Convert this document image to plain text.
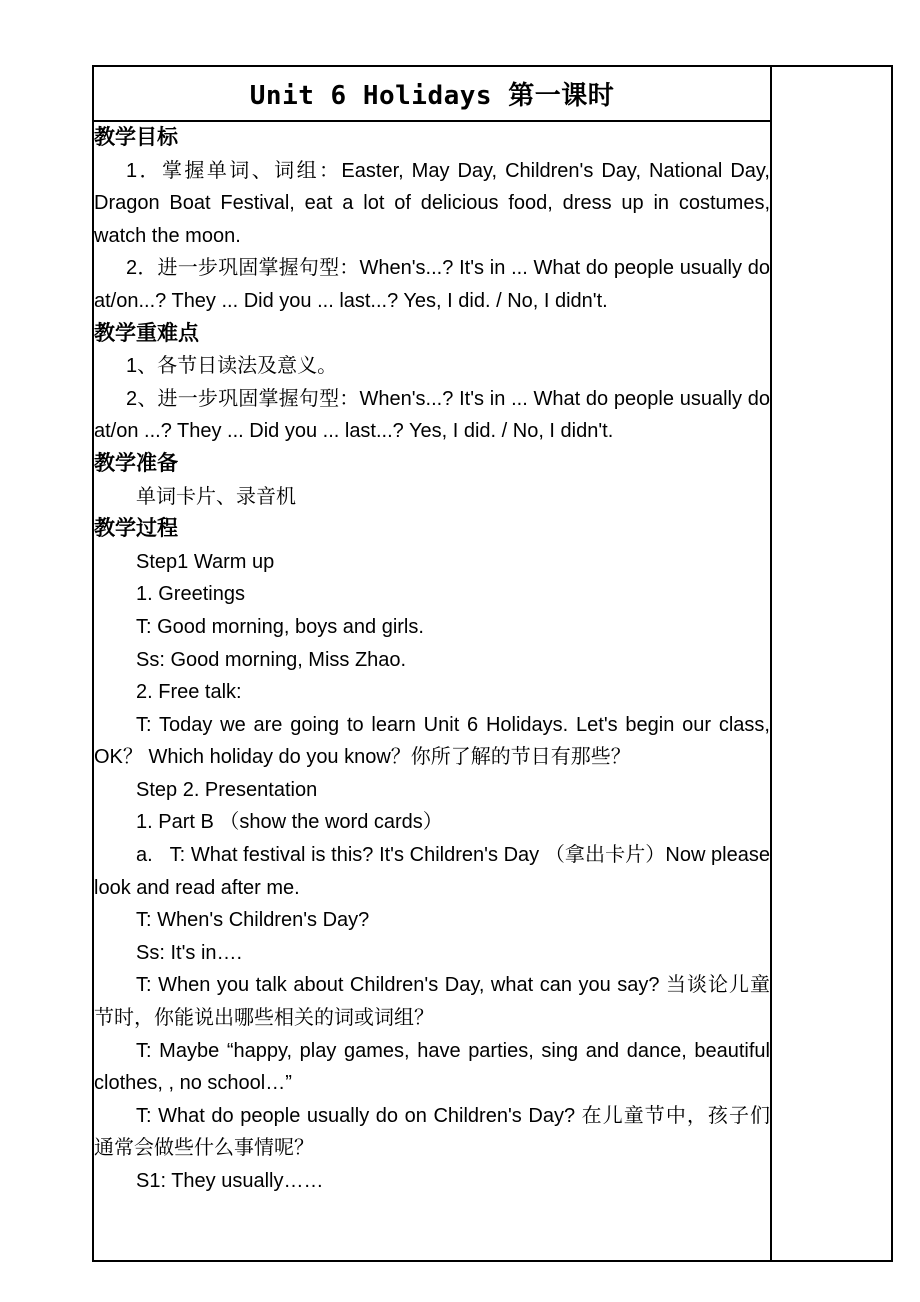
Unit 6 Holidays 第一课时	

教学目标

1．掌握单词、词组：Easter, May Day, Children's Day, National Day, Dragon Boat Festival, eat a lot of delicious food, dress up in costumes, watch the moon.

2．进一步巩固掌握句型：When's...? It's in ... What do people usually do at/on...? They ... Did you ... last...? Yes, I did. / No, I didn't.

教学重难点

1、各节日读法及意义。

2、进一步巩固掌握句型：When's...? It's in ... What do people usually do at/on ...? They ... Did you ... last...? Yes, I did. / No, I didn't.

教学准备

单词卡片、录音机

教学过程

Step1 Warm up

1. Greetings

T: Good morning, boys and girls.

Ss: Good morning, Miss Zhao.

2. Free talk:

T: Today we are going to learn Unit 6 Holidays. Let's begin our class, OK？ Which holiday do you know？你所了解的节日有那些？

Step 2. Presentation

1. Part B （show the word cards）

a.   T: What festival is this? It's Children's Day （拿出卡片）Now please look and read after me.

T: When's Children's Day?

Ss: It's in….

T: When you talk about Children's Day, what can you say? 当谈论儿童节时，你能说出哪些相关的词或词组？

T: Maybe “happy, play games, have parties, sing and dance, beautiful clothes, , no school…”

T: What do people usually do on Children's Day? 在儿童节中，孩子们通常会做些什么事情呢？

S1: They usually……
